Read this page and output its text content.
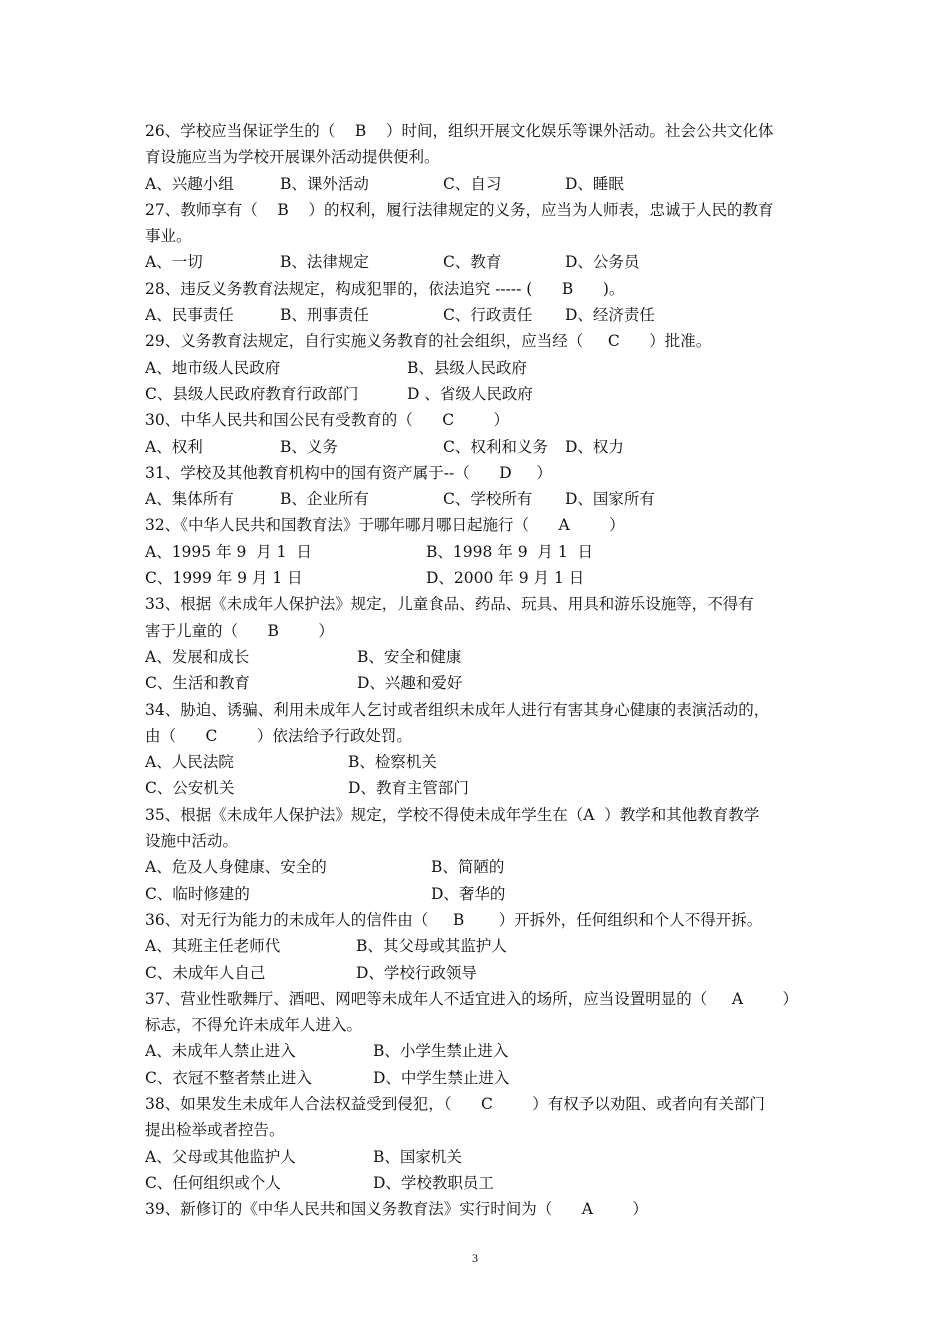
26、学校应当保证学生的（    B    ）时间，组织开展文化娱乐等课外活动。社会公共文化体
育设施应当为学校开展课外活动提供便利。
A、兴趣小组	B、课外活动	C、自习	D、睡眠
27、教师享有（    B    ）的权利，履行法律规定的义务，应当为人师表，忠诚于人民的教育
事业。
A、一切	B、法律规定	C、教育	D、公务员
28、违反义务教育法规定，构成犯罪的，依法追究 ----- (      B      )。
A、民事责任	B、刑事责任	C、行政责任 D、经济责任
29、义务教育法规定，自行实施义务教育的社会组织，应当经（     C      ）批准。
A、地市级人民政府	B、县级人民政府
C、县级人民政府教育行政部门	D 、省级人民政府
30、中华人民共和国公民有受教育的（      C        ）
A、权利	B、义务	C、权利和义务 D、权力
31、学校及其他教育机构中的国有资产属于--（      D     ）
A、集体所有	B、企业所有	C、学校所有 D、国家所有
32、《中华人民共和国教育法》于哪年哪月哪日起施行（      A        ）
A、1995 年 9  月 1  日	B、1998 年 9  月 1  日
C、1999 年 9 月 1 日	D、2000 年 9 月 1 日
33、根据《未成年人保护法》规定，儿童食品、药品、玩具、用具和游乐设施等，不得有
害于儿童的（      B        ）
A、发展和成长	B、安全和健康
C、生活和教育	D、兴趣和爱好
34、胁迫、诱骗、利用未成年人乞讨或者组织未成年人进行有害其身心健康的表演活动的，
由（      C        ）依法给予行政处罚。
A、人民法院	B、检察机关
C、公安机关	D、教育主管部门
35、根据《未成年人保护法》规定，学校不得使未成年学生在（A  ）教学和其他教育教学
设施中活动。
A、危及人身健康、安全的	B、简陋的
C、临时修建的	D、奢华的
36、对无行为能力的未成年人的信件由（     B       ）开拆外，任何组织和个人不得开拆。
A、其班主任老师代	B、其父母或其监护人
C、未成年人自己	D、学校行政领导
37、营业性歌舞厅、酒吧、网吧等未成年人不适宜进入的场所，应当设置明显的（     A        ）
标志，不得允许未成年人进入。
A、未成年人禁止进入	B、小学生禁止进入
C、衣冠不整者禁止进入	D、中学生禁止进入
38、如果发生未成年人合法权益受到侵犯，（      C        ）有权予以劝阻、或者向有关部门
提出检举或者控告。
A、父母或其他监护人	B、国家机关
C、任何组织或个人	D、学校教职员工
39、新修订的《中华人民共和国义务教育法》实行时间为（      A        ）
3
